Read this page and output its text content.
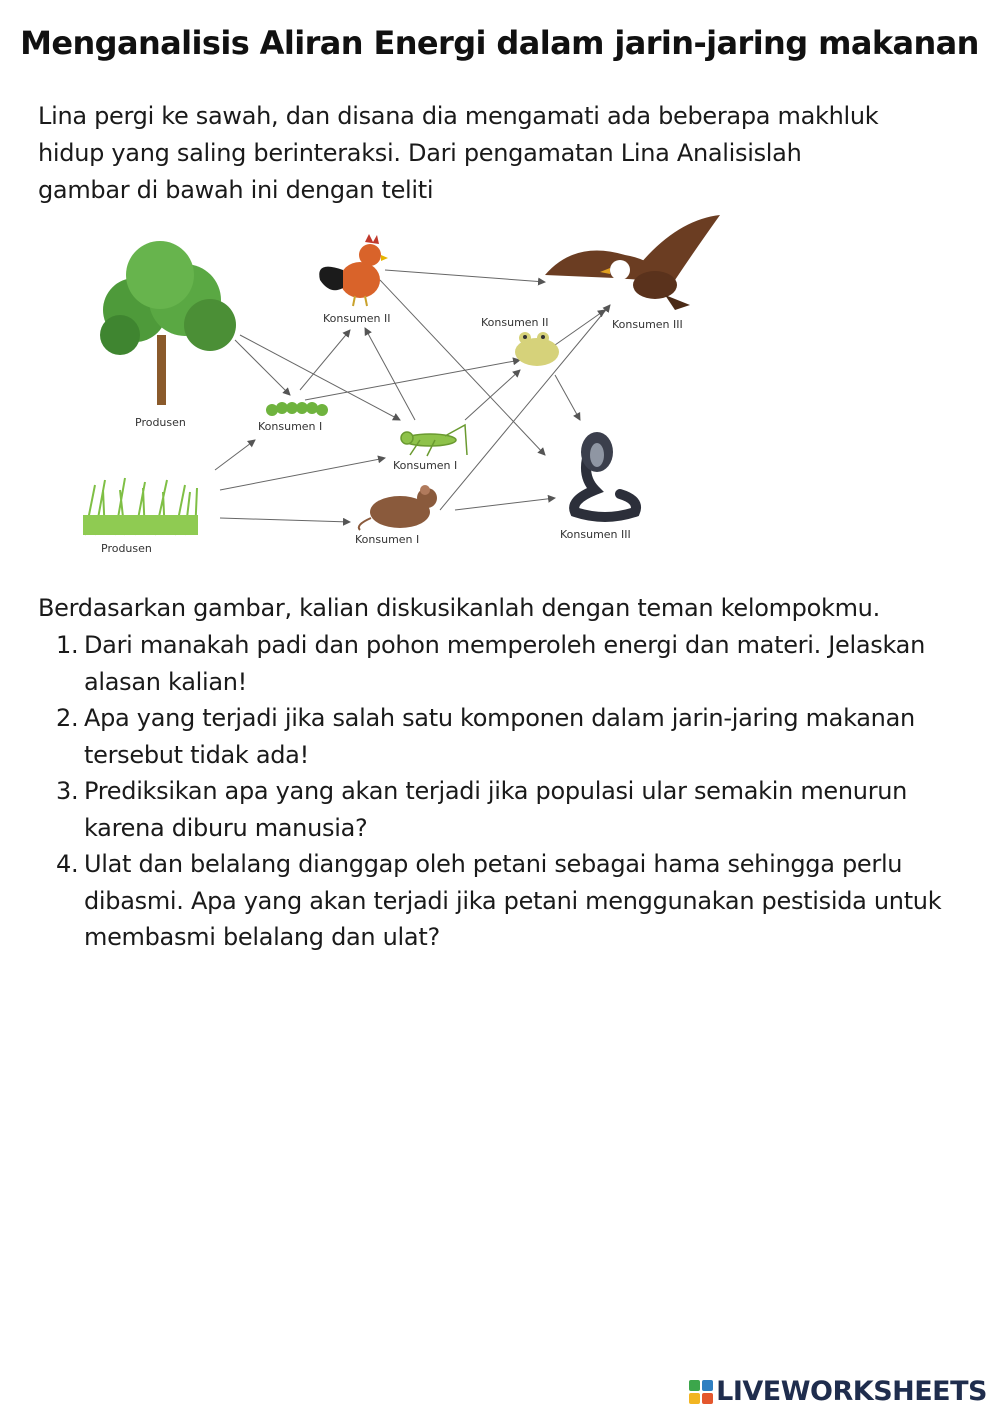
Menganalisis Aliran Energi dalam jarin-jaring makanan
Lina pergi ke sawah, dan disana dia mengamati ada beberapa makhluk
hidup yang saling berinteraksi. Dari pengamatan Lina Analisislah
gambar di bawah ini dengan teliti
Produsen
Produsen
Konsumen I
Konsumen I
Konsumen I
Konsumen II	Konsumen II	Konsumen III
Konsumen III
Berdasarkan gambar, kalian diskusikanlah dengan teman kelompokmu.
1. Dari manakah padi dan pohon memperoleh energi dan materi. Jelaskan
alasan kalian!
2. Apa yang terjadi jika salah satu komponen dalam jarin-jaring makanan
tersebut tidak ada!
3. Prediksikan apa yang akan terjadi jika populasi ular semakin menurun
karena diburu manusia?
4. Ulat dan belalang dianggap oleh petani sebagai hama sehingga perlu
dibasmi. Apa yang akan terjadi jika petani menggunakan pestisida untuk
membasmi belalang dan ulat?
LIVEWORKSHEETS
